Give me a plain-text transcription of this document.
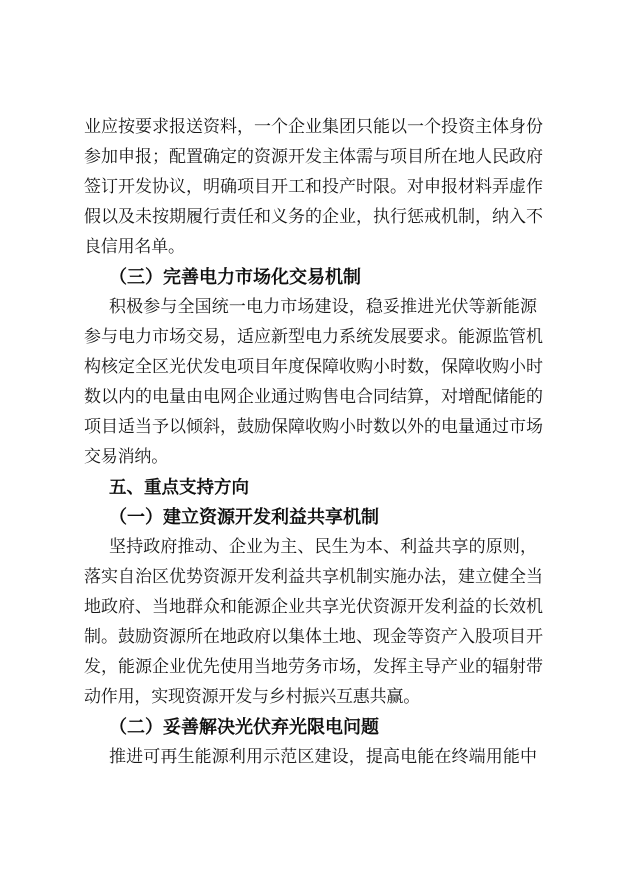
业 应 按 要 求 报 送 资 料 ， 一 个 企 业 集 团 只 能 以 一 个 投 资 主 体 身 份
参 加 申 报 ； 配 置 确 定 的 资 源 开 发 主 体 需 与 项 目 所 在 地 人 民 政 府
签 订 开 发 协 议 ， 明 确 项 目 开 工 和 投 产 时 限 。 对 申 报 材 料 弄 虚 作
假 以 及 未 按 期 履 行 责 任 和 义 务 的 企 业 ， 执 行 惩 戒 机 制 ， 纳 入 不
良信用名单。
（三）完善电力市场化交易机制
积 极 参 与 全 国 统 一 电 力 市 场 建 设 ， 稳 妥 推 进 光 伏 等 新 能 源
参 与 电 力 市 场 交 易 ， 适 应 新 型 电 力 系 统 发 展 要 求 。 能 源 监 管 机
构 核 定 全 区 光 伏 发 电 项 目 年 度 保 障 收 购 小 时 数 ， 保 障 收 购 小 时
数 以 内 的 电 量 由 电 网 企 业 通 过 购 售 电 合 同 结 算 ， 对 增 配 储 能 的
项 目 适 当 予 以 倾 斜 ， 鼓 励 保 障 收 购 小 时 数 以 外 的 电 量 通 过 市 场
交易消纳。
五、重点支持方向
（一）建立资源开发利益共享机制
坚 持 政 府 推 动 、 企 业 为 主 、 民 生 为 本 、 利 益 共 享 的 原 则 ，
落 实 自 治 区 优 势 资 源 开 发 利 益 共 享 机 制 实 施 办 法 ， 建 立 健 全 当
地 政 府 、 当 地 群 众 和 能 源 企 业 共 享 光 伏 资 源 开 发 利 益 的 长 效 机
制 。 鼓 励 资 源 所 在 地 政 府 以 集 体 土 地 、 现 金 等 资 产 入 股 项 目 开
发 ， 能 源 企 业 优 先 使 用 当 地 劳 务 市 场 ， 发 挥 主 导 产 业 的 辐 射 带
动作用，实现资源开发与乡村振兴互惠共赢。
（二）妥善解决光伏弃光限电问题
推 进 可 再 生 能 源 利 用 示 范 区 建 设 ， 提 高 电 能 在 终 端 用 能 中
